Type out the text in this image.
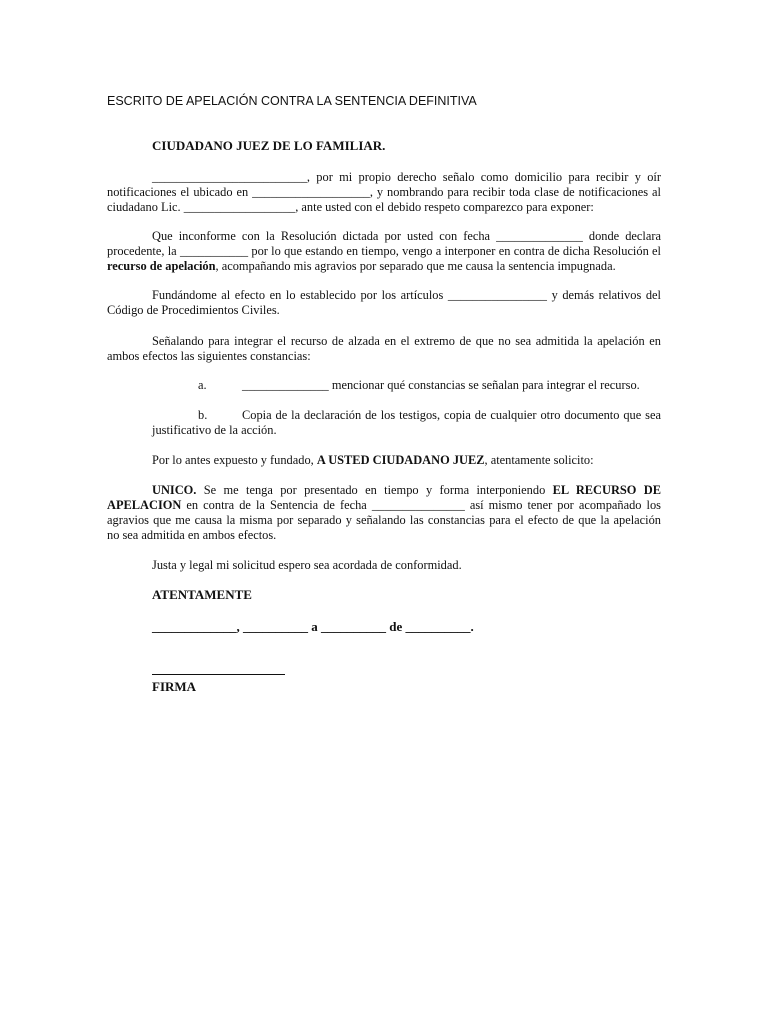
ESCRITO DE APELACIÓN CONTRA LA SENTENCIA DEFINITIVA
CIUDADANO JUEZ DE LO FAMILIAR.
_________________________, por mi propio derecho señalo como domicilio para recibir y oír
notificaciones el ubicado en ___________________, y nombrando para recibir toda clase de notificaciones al
ciudadano Lic. __________________, ante usted con el debido respeto comparezco para exponer:
Que inconforme con la Resolución dictada por usted con fecha ______________ donde declara
procedente, la ___________ por lo que estando en tiempo, vengo a interponer en contra de dicha Resolución el
recurso de apelación, acompañando mis agravios por separado que me causa la sentencia impugnada.
Fundándome al efecto en lo establecido por los artículos ________________ y demás relativos del
Código de Procedimientos Civiles.
Señalando para integrar el recurso de alzada en el extremo de que no sea admitida la apelación en
ambos efectos las siguientes constancias:
a.	______________ mencionar qué constancias se señalan para integrar el recurso.
b.	Copia de la declaración de los testigos, copia de cualquier otro documento que sea
justificativo de la acción.
Por lo antes expuesto y fundado, A USTED CIUDADANO JUEZ, atentamente solicito:
UNICO. Se me tenga por presentado en tiempo y forma interponiendo EL RECURSO DE
APELACION en contra de la Sentencia de fecha _______________ así mismo tener por acompañado los
agravios que me causa la misma por separado y señalando las constancias para el efecto de que la apelación
no sea admitida en ambos efectos.
Justa y legal mi solicitud espero sea acordada de conformidad.
ATENTAMENTE
_____________, __________ a __________ de __________.
FIRMA
